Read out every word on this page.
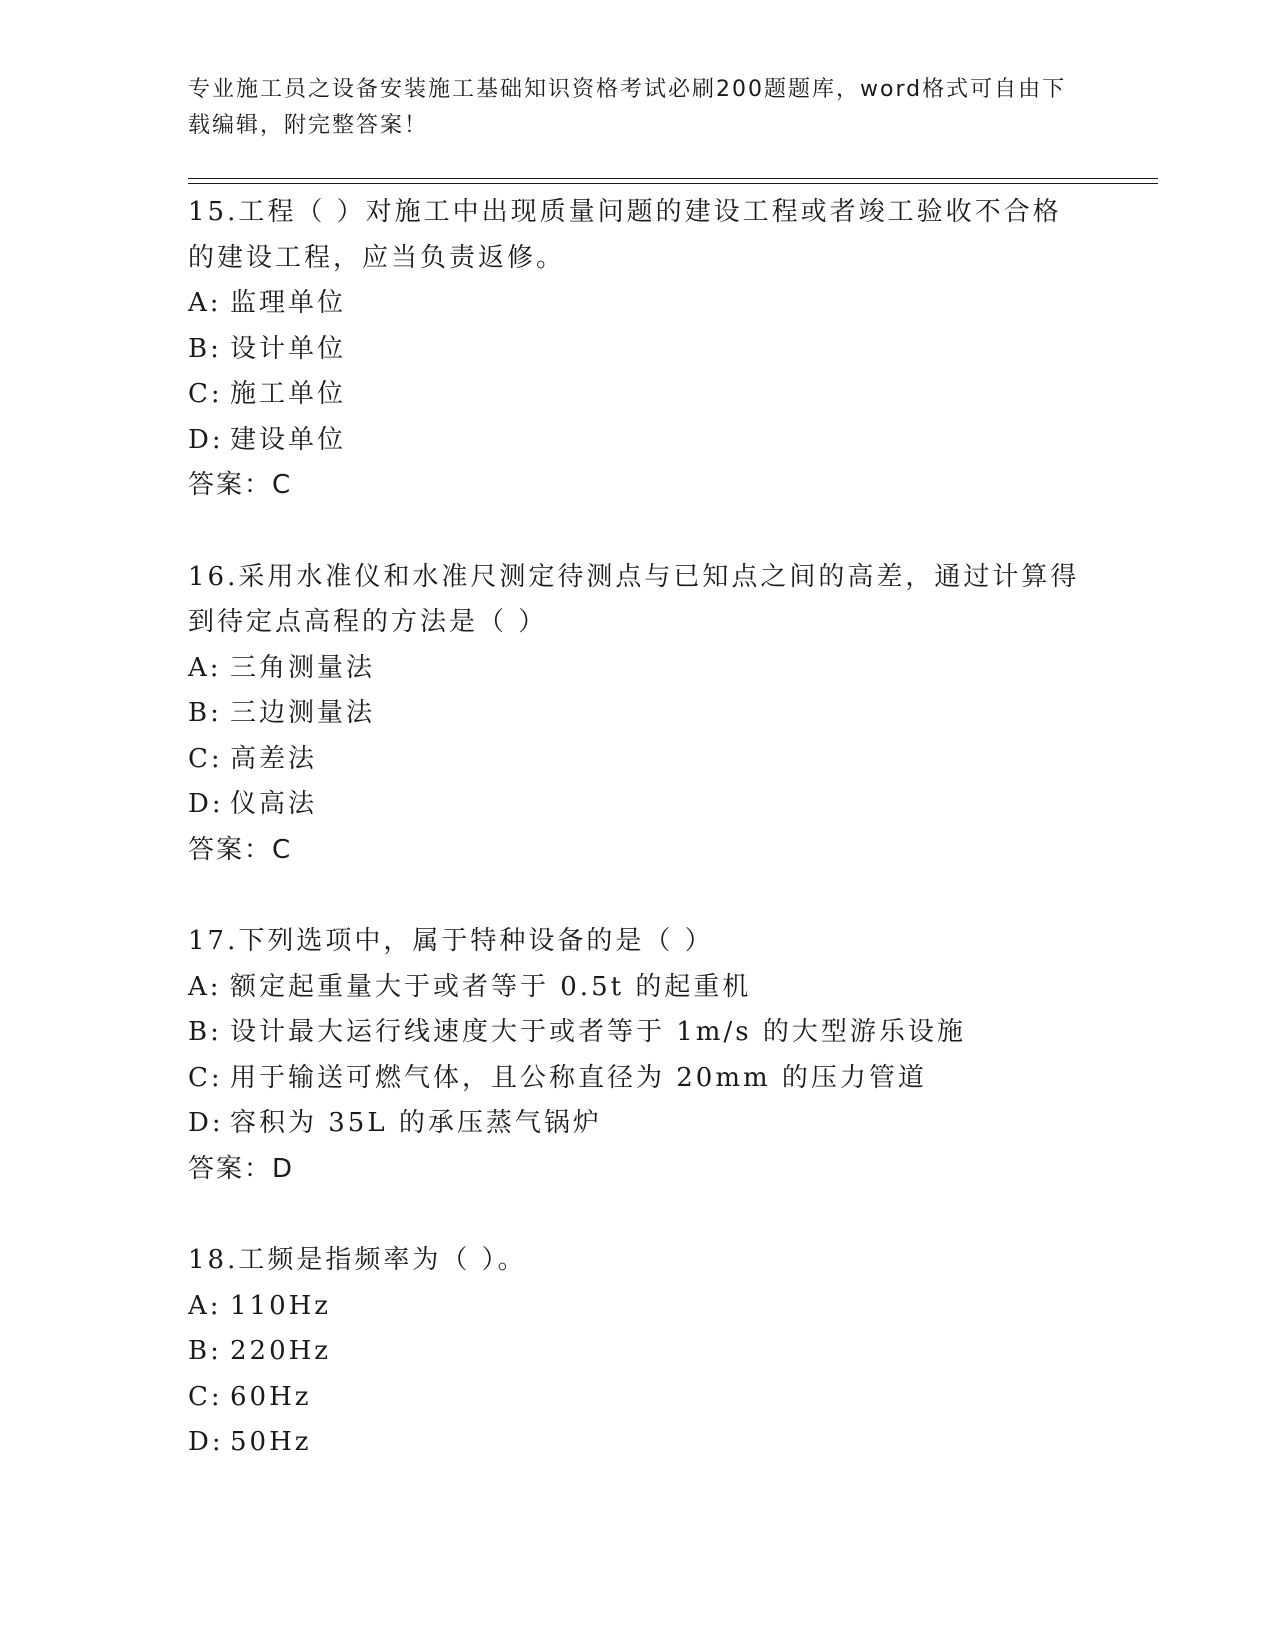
专业施工员之设备安装施工基础知识资格考试必刷200题题库，word格式可自由下载编辑，附完整答案！

15.工程（ ）对施工中出现质量问题的建设工程或者竣工验收不合格的建设工程，应当负责返修。

A: 监理单位

B: 设计单位

C: 施工单位

D: 建设单位

答案：C

16.采用水准仪和水准尺测定待测点与已知点之间的高差，通过计算得到待定点高程的方法是（ ）

A: 三角测量法

B: 三边测量法

C: 高差法

D: 仪高法

答案：C

17.下列选项中，属于特种设备的是（ ）

A: 额定起重量大于或者等于 0.5t 的起重机

B: 设计最大运行线速度大于或者等于 1m/s 的大型游乐设施

C: 用于输送可燃气体，且公称直径为 20mm 的压力管道

D: 容积为 35L 的承压蒸气锅炉

答案：D

18.工频是指频率为（ ）。

A: 110Hz

B: 220Hz

C: 60Hz

D: 50Hz
